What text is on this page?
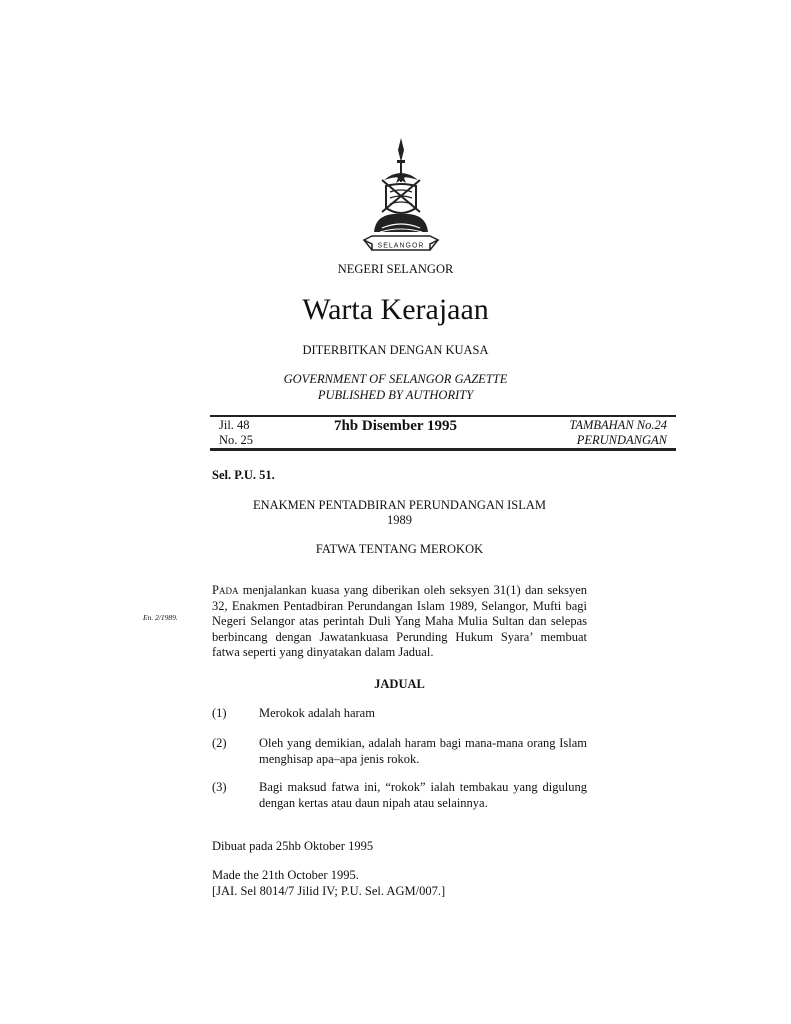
SELANGOR
NEGERI SELANGOR
Warta Kerajaan
DITERBITKAN DENGAN KUASA
GOVERNMENT OF SELANGOR GAZETTE
PUBLISHED BY AUTHORITY
Jil. 48
No. 25
7hb Disember 1995	TAMBAHAN No.24
PERUNDANGAN
Sel. P.U. 51.
ENAKMEN PENTADBIRAN PERUNDANGAN ISLAM
1989
FATWA TENTANG MEROKOK
En. 2/1989.
Pada menjalankan kuasa yang diberikan oleh seksyen 31(1) dan seksyen 32, Enakmen Pentadbiran Perundangan Islam 1989, Selangor, Mufti bagi Negeri Selangor atas perintah Duli Yang Maha Mulia Sultan dan selepas berbincang dengan Jawatankuasa Perunding Hukum Syara’ membuat fatwa seperti yang dinyatakan dalam Jadual.
JADUAL
(1)	Merokok adalah haram
(2)	Oleh yang demikian, adalah haram bagi mana-mana orang Islam menghisap apa–apa jenis rokok.
(3)	Bagi maksud fatwa ini, “rokok” ialah tembakau yang digulung dengan kertas atau daun nipah atau selainnya.
Dibuat pada 25hb Oktober 1995
Made the 21th October 1995.
[JAI. Sel 8014/7 Jilid IV; P.U. Sel. AGM/007.]
